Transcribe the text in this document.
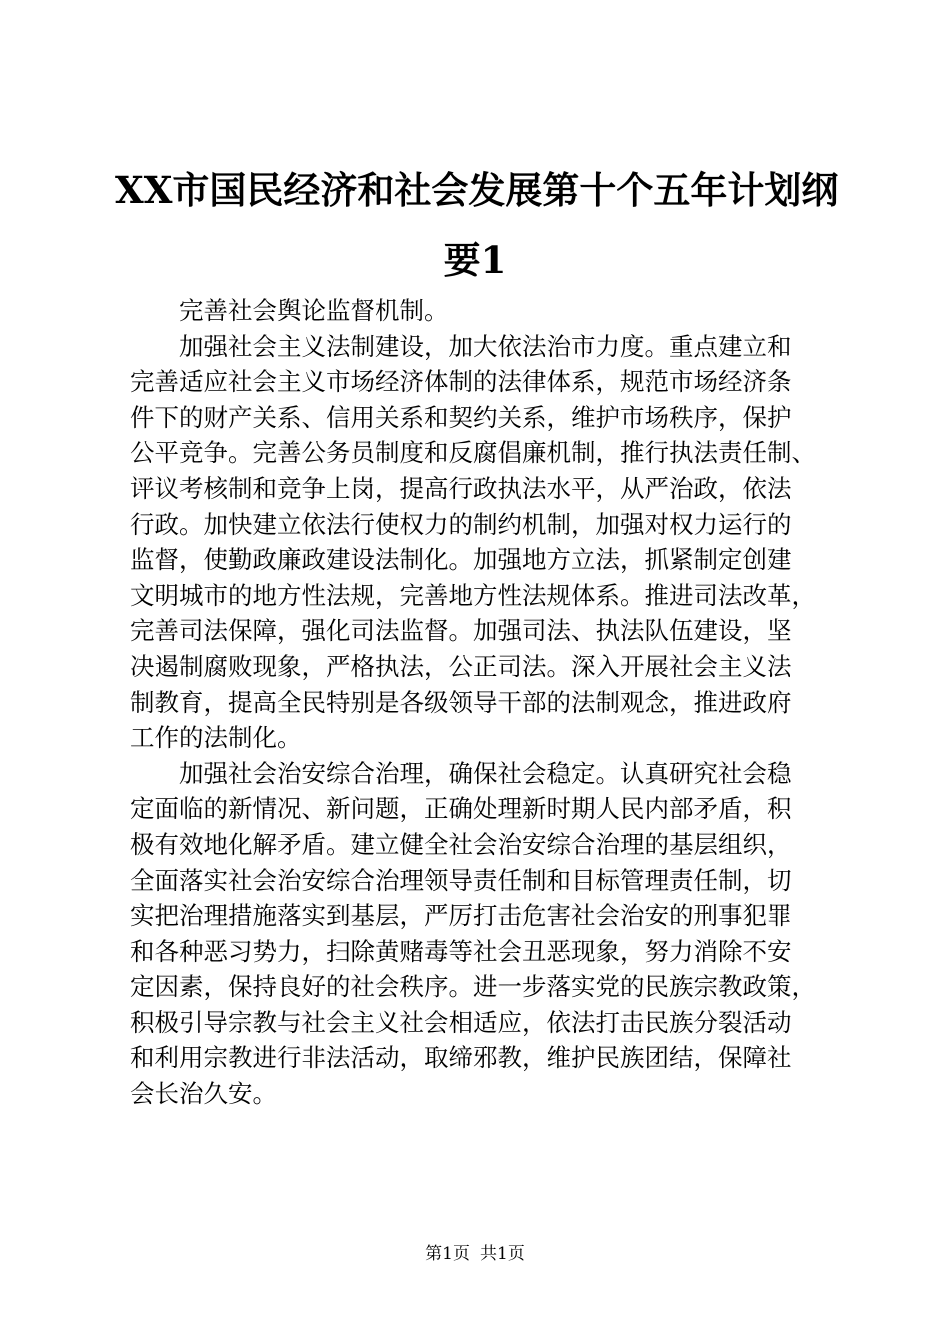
XX市国民经济和社会发展第十个五年计划纲
要1

完善社会舆论监督机制。

加强社会主义法制建设，加大依法治市力度。重点建立和
完善适应社会主义市场经济体制的法律体系，规范市场经济条
件下的财产关系、信用关系和契约关系，维护市场秩序，保护
公平竞争。完善公务员制度和反腐倡廉机制，推行执法责任制、
评议考核制和竞争上岗，提高行政执法水平，从严治政，依法
行政。加快建立依法行使权力的制约机制，加强对权力运行的
监督，使勤政廉政建设法制化。加强地方立法，抓紧制定创建
文明城市的地方性法规，完善地方性法规体系。推进司法改革，
完善司法保障，强化司法监督。加强司法、执法队伍建设，坚
决遏制腐败现象，严格执法，公正司法。深入开展社会主义法
制教育，提高全民特别是各级领导干部的法制观念，推进政府
工作的法制化。

加强社会治安综合治理，确保社会稳定。认真研究社会稳
定面临的新情况、新问题，正确处理新时期人民内部矛盾，积
极有效地化解矛盾。建立健全社会治安综合治理的基层组织，
全面落实社会治安综合治理领导责任制和目标管理责任制，切
实把治理措施落实到基层，严厉打击危害社会治安的刑事犯罪
和各种恶习势力，扫除黄赌毒等社会丑恶现象，努力消除不安
定因素，保持良好的社会秩序。进一步落实党的民族宗教政策，
积极引导宗教与社会主义社会相适应，依法打击民族分裂活动
和利用宗教进行非法活动，取缔邪教，维护民族团结，保障社
会长治久安。

第1页 共1页
